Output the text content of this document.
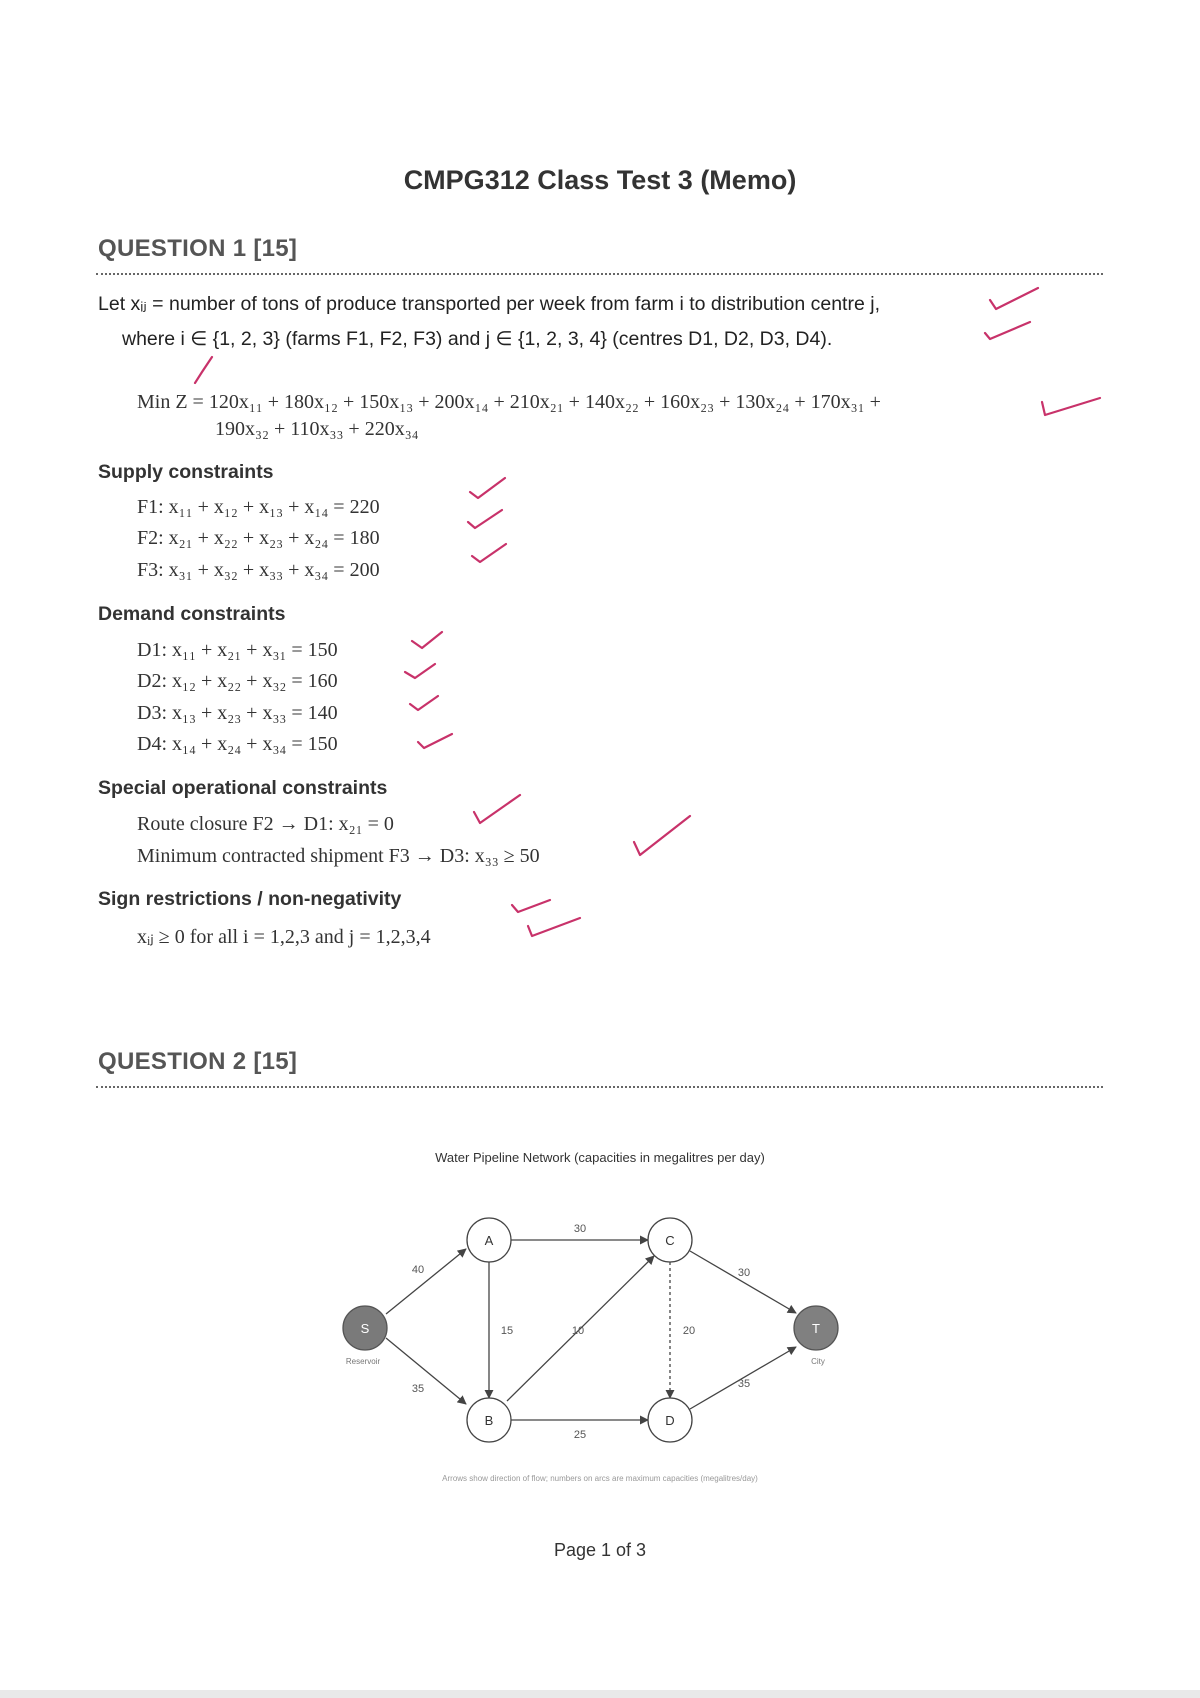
CMPG312 Class Test 3 (Memo)
QUESTION 1 [15]
Let xᵢⱼ = number of tons of produce transported per week from farm i to distribution centre j,
where i ∈ {1, 2, 3} (farms F1, F2, F3) and j ∈ {1, 2, 3, 4} (centres D1, D2, D3, D4).
Min Z = 120x₁₁ + 180x₁₂ + 150x₁₃ + 200x₁₄ + 210x₂₁ + 140x₂₂ + 160x₂₃ + 130x₂₄ + 170x₃₁ +
190x₃₂ + 110x₃₃ + 220x₃₄
Supply constraints
F1: x₁₁ + x₁₂ + x₁₃ + x₁₄ = 220
F2: x₂₁ + x₂₂ + x₂₃ + x₂₄ = 180
F3: x₃₁ + x₃₂ + x₃₃ + x₃₄ = 200
Demand constraints
D1: x₁₁ + x₂₁ + x₃₁ = 150
D2: x₁₂ + x₂₂ + x₃₂ = 160
D3: x₁₃ + x₂₃ + x₃₃ = 140
D4: x₁₄ + x₂₄ + x₃₄ = 150
Special operational constraints
Route closure F2 → D1: x₂₁ = 0
Minimum contracted shipment F3 → D3: x₃₃ ≥ 50
Sign restrictions / non-negativity
xᵢⱼ ≥ 0 for all i = 1,2,3 and j = 1,2,3,4
QUESTION 2 [15]
Water Pipeline Network (capacities in megalitres per day)
40
35
30
15	10
25
20
30
35
S
A
B
C
D
T
Reservoir	City
Arrows show direction of flow; numbers on arcs are maximum capacities (megalitres/day)
Page 1 of 3
